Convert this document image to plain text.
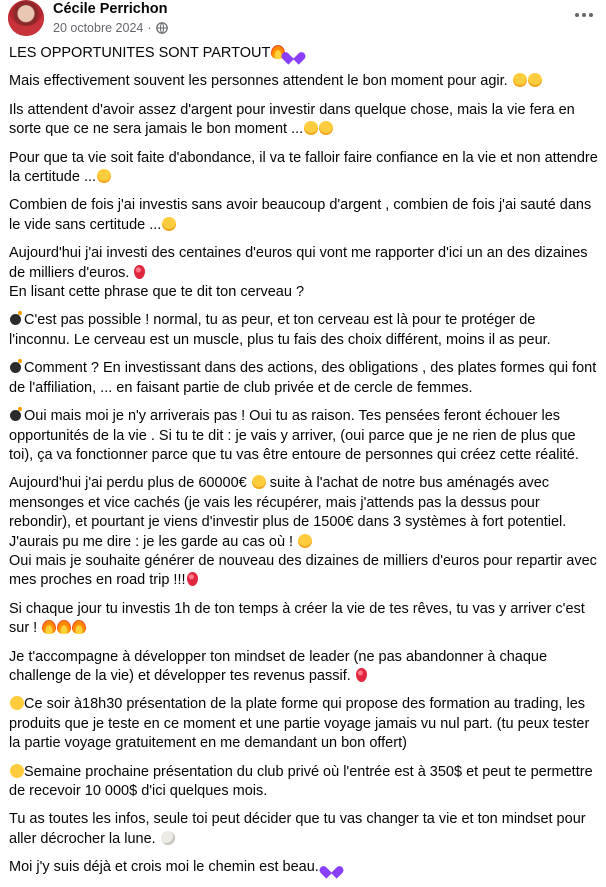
Cécile Perrichon
20 octobre 2024 ·

LES OPPORTUNITES SONT PARTOUT

Mais effectivement souvent les personnes attendent le bon moment pour agir.

Ils attendent d'avoir assez d'argent pour investir dans quelque chose, mais la vie fera en sorte que ce ne sera jamais le bon moment ...

Pour que ta vie soit faite d'abondance, il va te falloir faire confiance en la vie et non attendre la certitude ...

Combien de fois j'ai investis sans avoir beaucoup d'argent , combien de fois j'ai sauté dans le vide sans certitude ...

Aujourd'hui j'ai investi des centaines d'euros qui vont me rapporter d'ici un an des dizaines de milliers d'euros.
En lisant cette phrase que te dit ton cerveau ?

C'est pas possible ! normal, tu as peur, et ton cerveau est là pour te protéger de l'inconnu. Le cerveau est un muscle, plus tu fais des choix différent, moins il as peur.

Comment ? En investissant dans des actions, des obligations , des plates formes qui font de l'affiliation, ... en faisant partie de club privée et de cercle de femmes.

Oui mais moi je n'y arriverais pas ! Oui tu as raison. Tes pensées feront échouer les opportunités de la vie . Si tu te dit : je vais y arriver, (oui parce que je ne rien de plus que toi), ça va fonctionner parce que tu vas être entoure de personnes qui créez cette réalité.

Aujourd'hui j'ai perdu plus de 60000€  suite à l'achat de notre bus aménagés avec mensonges et vice cachés (je vais les récupérer, mais j'attends pas la dessus pour rebondir), et pourtant je viens d'investir plus de 1500€ dans 3 systèmes à fort potentiel. J'aurais pu me dire : je les garde au cas où !
Oui mais je souhaite générer de nouveau des dizaines de milliers d'euros pour repartir avec mes proches en road trip !!!

Si chaque jour tu investis 1h de ton temps à créer la vie de tes rêves, tu vas y arriver c'est sur !

Je t'accompagne à développer ton mindset de leader (ne pas abandonner à chaque challenge de la vie) et développer tes revenus passif.

Ce soir à18h30 présentation de la plate forme qui propose des formation au trading, les produits que je teste en ce moment et une partie voyage jamais vu nul part. (tu peux tester la partie voyage gratuitement en me demandant un bon offert)

Semaine prochaine présentation du club privé où l'entrée est à 350$ et peut te permettre de recevoir 10 000$ d'ici quelques mois.

Tu as toutes les infos, seule toi peut décider que tu vas changer ta vie et ton mindset pour aller décrocher la lune.

Moi j'y suis déjà et crois moi le chemin est beau.
